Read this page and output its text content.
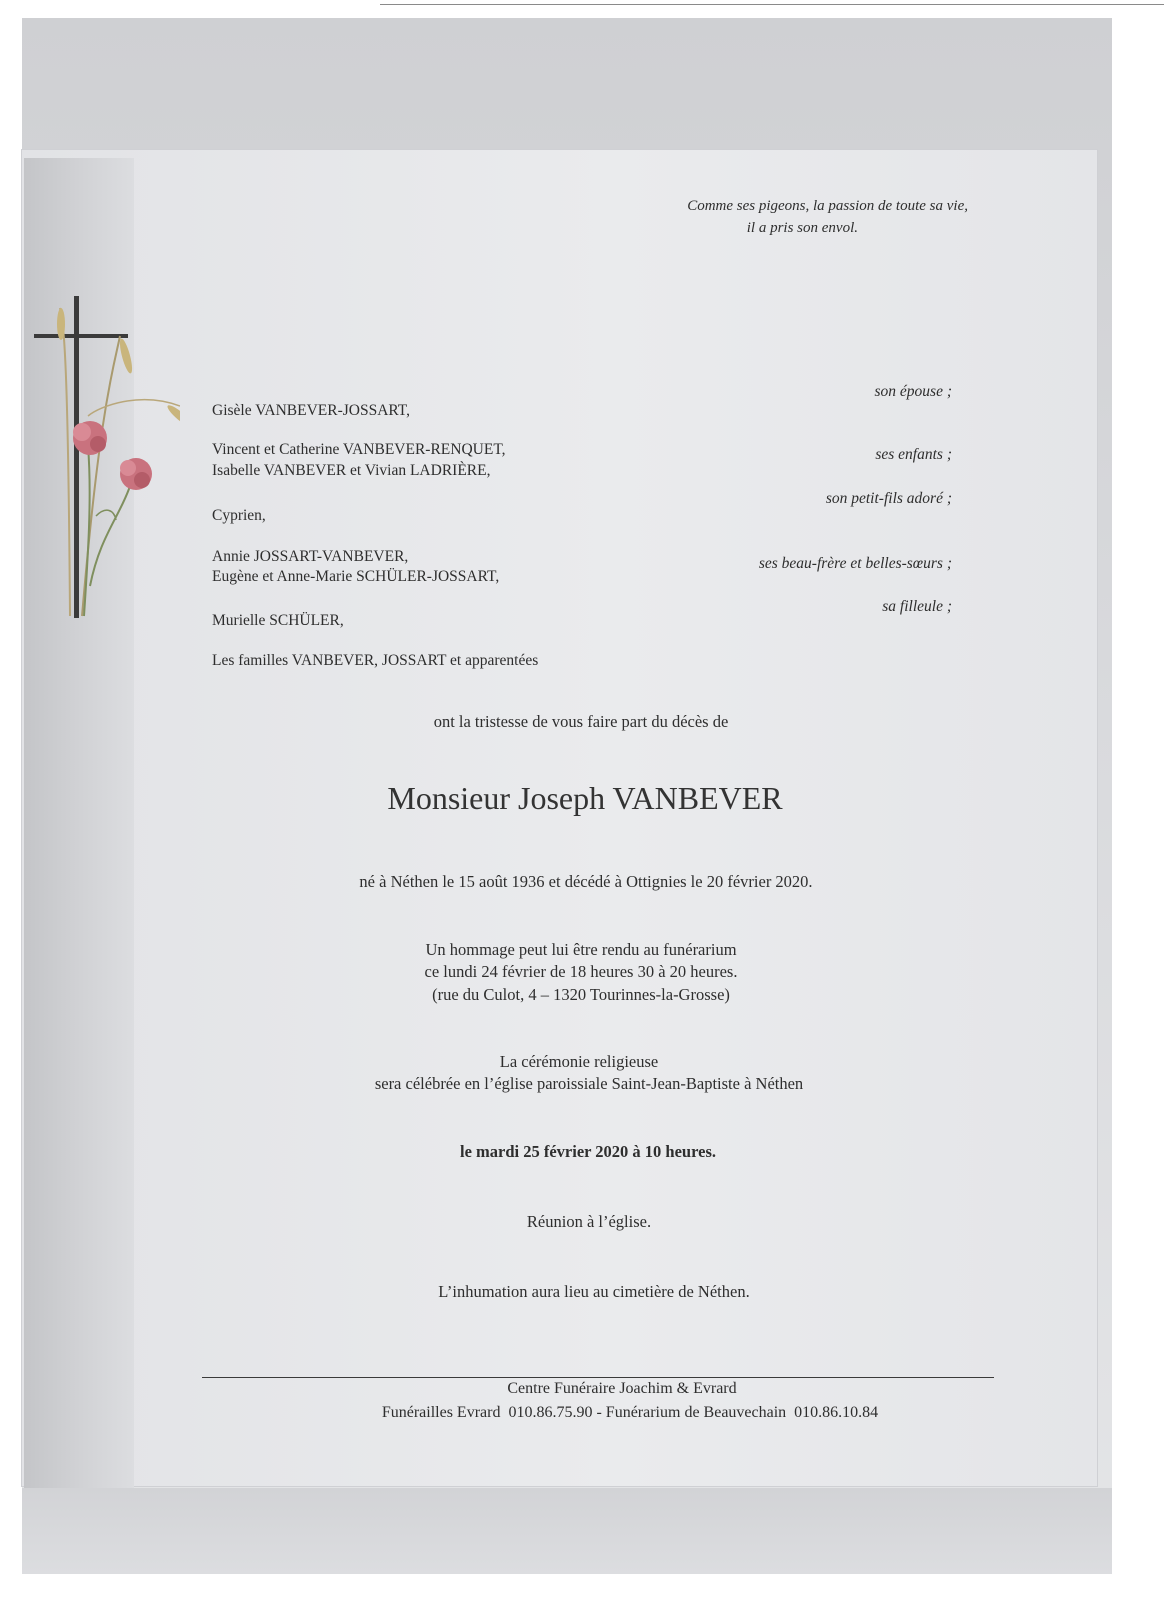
Comme ses pigeons, la passion de toute sa vie,
il a pris son envol.
Gisèle VANBEVER-JOSSART,
son épouse ;
Vincent et Catherine VANBEVER-RENQUET,
Isabelle VANBEVER et Vivian LADRIÈRE,
ses enfants ;
Cyprien,
son petit-fils adoré ;
Annie JOSSART-VANBEVER,
Eugène et Anne-Marie SCHÜLER-JOSSART,
ses beau-frère et belles-sœurs ;
Murielle SCHÜLER,
sa filleule ;
Les familles VANBEVER, JOSSART et apparentées
ont la tristesse de vous faire part du décès de
Monsieur Joseph VANBEVER
né à Néthen le 15 août 1936 et décédé à Ottignies le 20 février 2020.
Un hommage peut lui être rendu au funérarium
ce lundi 24 février de 18 heures 30 à 20 heures.
(rue du Culot, 4 – 1320 Tourinnes-la-Grosse)
La cérémonie religieuse
sera célébrée en l’église paroissiale Saint-Jean-Baptiste à Néthen
le mardi 25 février 2020 à 10 heures.
Réunion à l’église.
L’inhumation aura lieu au cimetière de Néthen.
Centre Funéraire Joachim & Evrard
Funérailles Evrard  010.86.75.90 - Funérarium de Beauvechain  010.86.10.84
